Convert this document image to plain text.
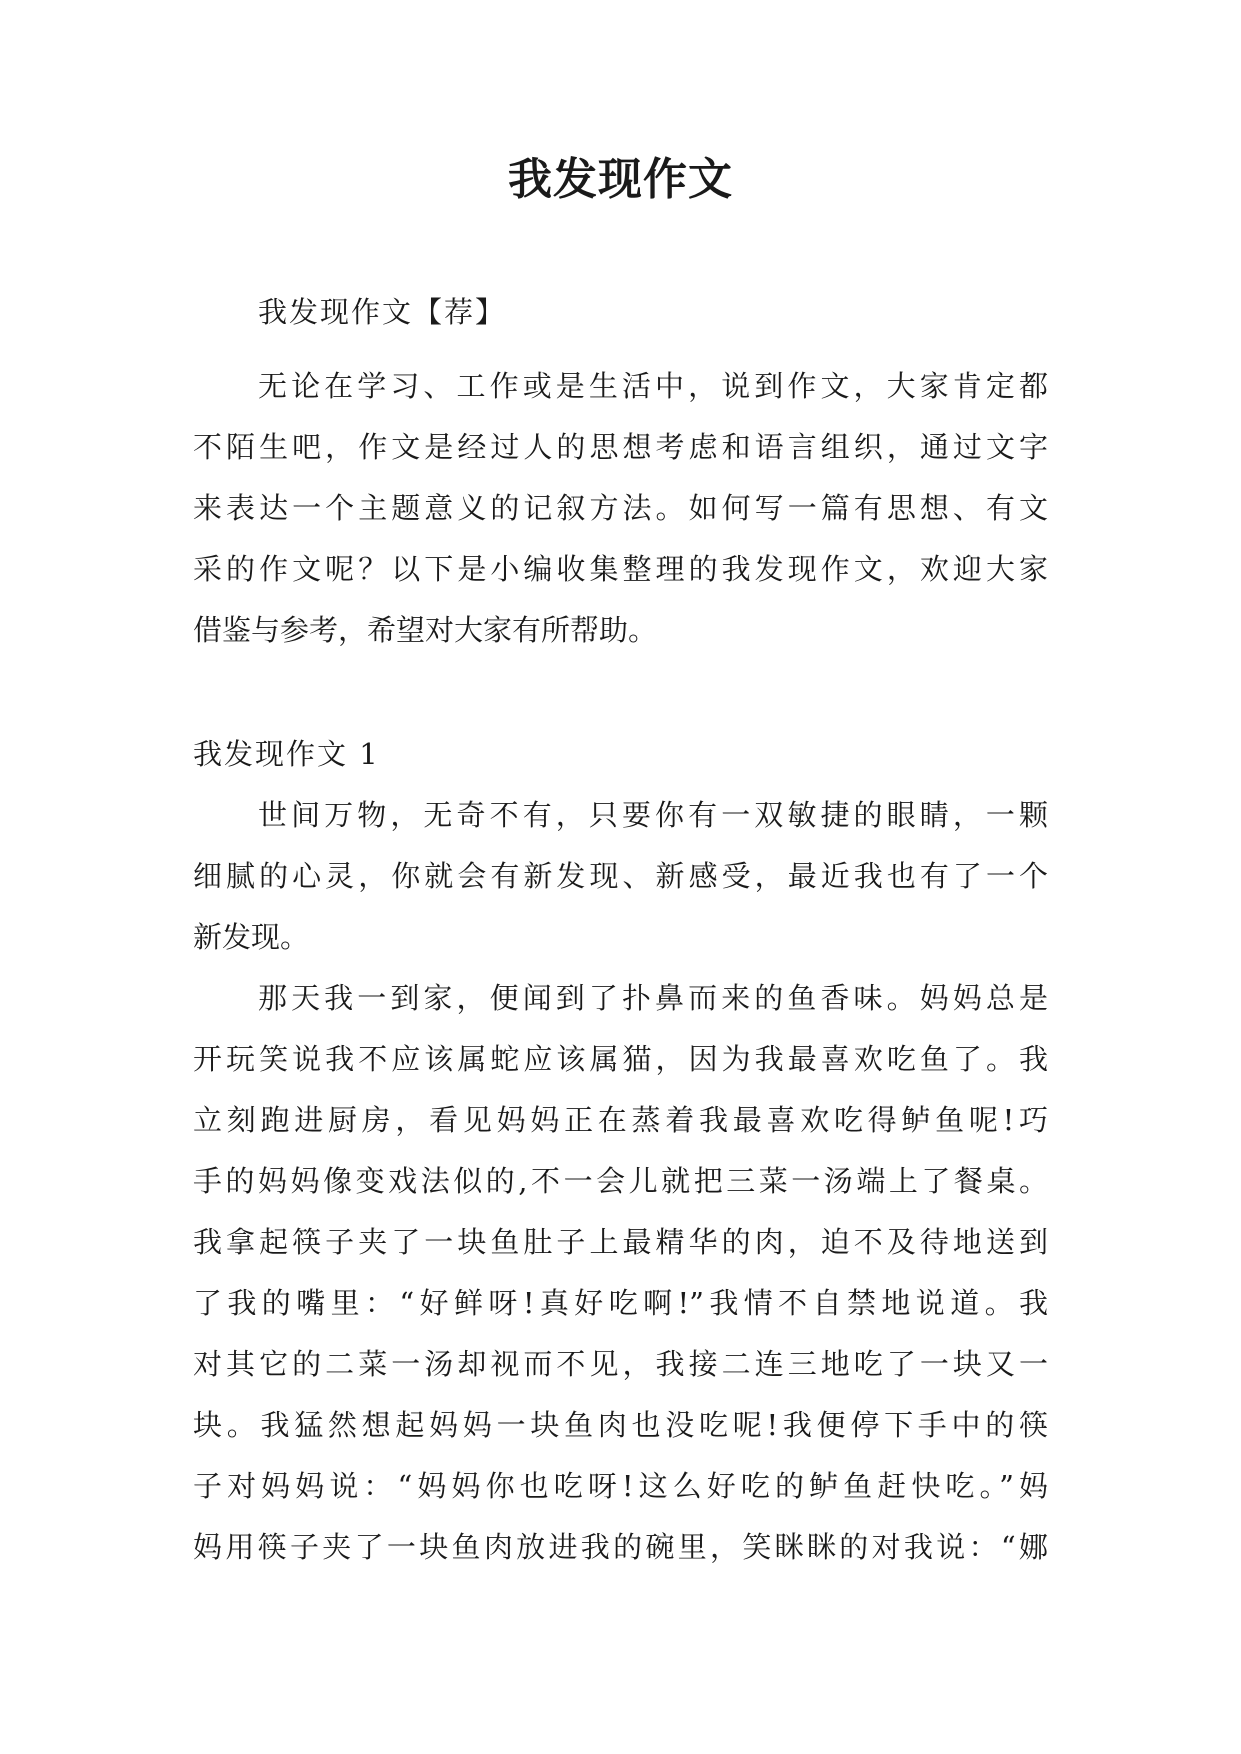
我发现作文
我发现作文【荐】
无论在学习、工作或是生活中，说到作文，大家肯定都
不陌生吧，作文是经过人的思想考虑和语言组织，通过文字
来表达一个主题意义的记叙方法。如何写一篇有思想、有文
采的作文呢？以下是小编收集整理的我发现作文，欢迎大家
借鉴与参考，希望对大家有所帮助。
我发现作文 1
世间万物，无奇不有，只要你有一双敏捷的眼睛，一颗
细腻的心灵，你就会有新发现、新感受，最近我也有了一个
新发现。
那天我一到家，便闻到了扑鼻而来的鱼香味。妈妈总是
开玩笑说我不应该属蛇应该属猫，因为我最喜欢吃鱼了。我
立刻跑进厨房，看见妈妈正在蒸着我最喜欢吃得鲈鱼呢!巧
手的妈妈像变戏法似的,不一会儿就把三菜一汤端上了餐桌。
我拿起筷子夹了一块鱼肚子上最精华的肉，迫不及待地送到
了我的嘴里：“好鲜呀!真好吃啊!”我情不自禁地说道。我
对其它的二菜一汤却视而不见，我接二连三地吃了一块又一
块。我猛然想起妈妈一块鱼肉也没吃呢!我便停下手中的筷
子对妈妈说：“妈妈你也吃呀!这么好吃的鲈鱼赶快吃。”妈
妈用筷子夹了一块鱼肉放进我的碗里，笑眯眯的对我说：“娜
